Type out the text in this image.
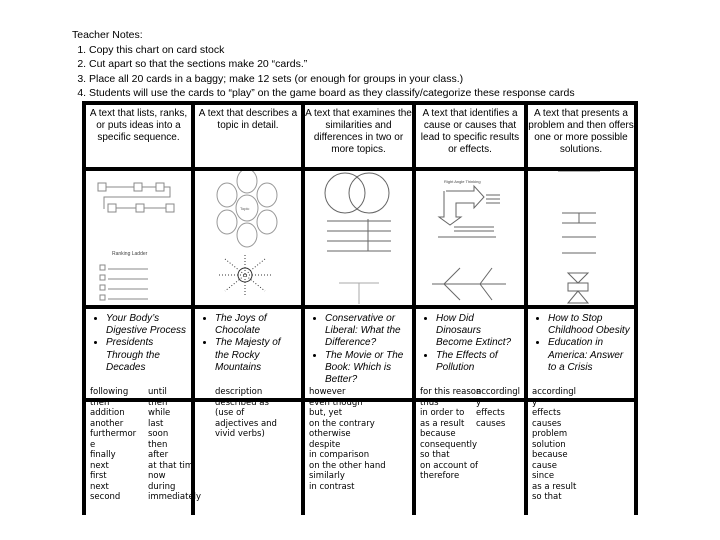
Teacher Notes:
1. Copy this chart on card stock
2. Cut apart so that the sections make 20 “cards.”
3. Place all 20 cards in a baggy; make 12 sets (or enough for groups in your class.)
4. Students will use the cards to “play” on the game board as they classify/categorize these response cards
A text that lists, ranks, or puts ideas into a specific sequence.
Ranking Ladder
• Your Body’s Digestive Process
• Presidents Through the Decades
following
then
addition
another
furthermor
e
finally
next
first
next
second
until
then
while
last
soon
then
after
at that tim
now
during
immediately
A text that describes a topic in detail.
Topic
• The Joys of Chocolate
• The Majesty of the Rocky Mountains
description
described as
(use of
adjectives and
vivid verbs)
A text that examines the similarities and differences in two or more topics.
• Conservative or Liberal: What the Difference?
• The Movie or The Book: Which is Better?
however
even though
but, yet
on the contrary
otherwise
despite
in comparison
on the other hand
similarly
in contrast
A text that identifies a cause or causes that lead to specific results or effects.
Right Angle Thinking
• How Did Dinosaurs Become Extinct?
• The Effects of Pollution
for this reason
thus
in order to
as a result
because
consequently
so that
on account of
therefore
accordingl
y
effects
causes
A text that presents a problem and then offers one or more possible solutions.
• How to Stop Childhood Obesity
• Education in America: Answer to a Crisis
accordingl
y
effects
causes
problem
solution
because
cause
since
as a result
so that
